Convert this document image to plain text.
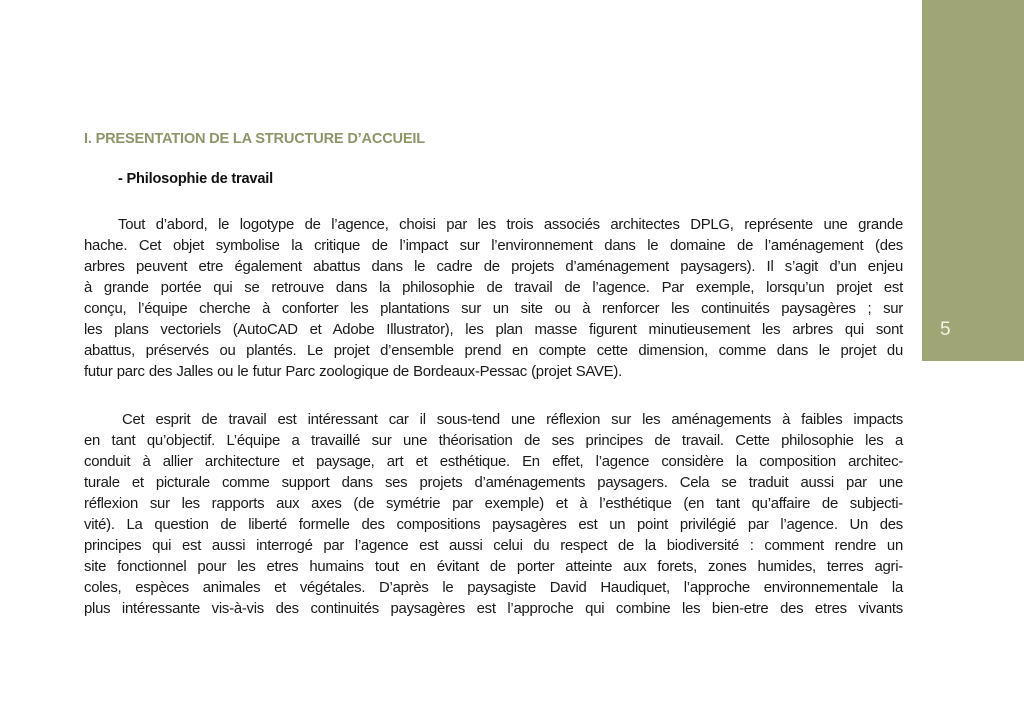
5
I. PRESENTATION DE LA STRUCTURE D’ACCUEIL
- Philosophie de travail

Tout d’abord, le logotype de l’agence, choisi par les trois associés architectes DPLG, représente une grande
hache. Cet objet symbolise la critique de l’impact sur l’environnement dans le domaine de l’aménagement (des
arbres peuvent etre également abattus dans le cadre de projets d’aménagement paysagers). Il s’agit d’un enjeu
à grande portée qui se retrouve dans la philosophie de travail de l’agence. Par exemple, lorsqu’un projet est
conçu, l’équipe cherche à conforter les plantations sur un site ou à renforcer les continuités paysagères ; sur
les plans vectoriels (AutoCAD et Adobe Illustrator), les plan masse figurent minutieusement les arbres qui sont
abattus, préservés ou plantés. Le projet d’ensemble prend en compte cette dimension, comme dans le projet du
futur parc des Jalles ou le futur Parc zoologique de Bordeaux-Pessac (projet SAVE).

Cet esprit de travail est intéressant car il sous-tend une réflexion sur les aménagements à faibles impacts
en tant qu’objectif. L’équipe a travaillé sur une théorisation de ses principes de travail. Cette philosophie les a
conduit à allier architecture et paysage, art et esthétique. En effet, l’agence considère la composition architec-
turale et picturale comme support dans ses projets d’aménagements paysagers. Cela se traduit aussi par une
réflexion sur les rapports aux axes (de symétrie par exemple) et à l’esthétique (en tant qu’affaire de subjecti-
vité). La question de liberté formelle des compositions paysagères est un point privilégié par l’agence. Un des
principes qui est aussi interrogé par l’agence est aussi celui du respect de la biodiversité : comment rendre un
site fonctionnel pour les etres humains tout en évitant de porter atteinte aux forets, zones humides, terres agri-
coles, espèces animales et végétales. D’après le paysagiste David Haudiquet, l’approche environnementale la
plus intéressante vis-à-vis des continuités paysagères est l’approche qui combine les bien-etre des etres vivants
